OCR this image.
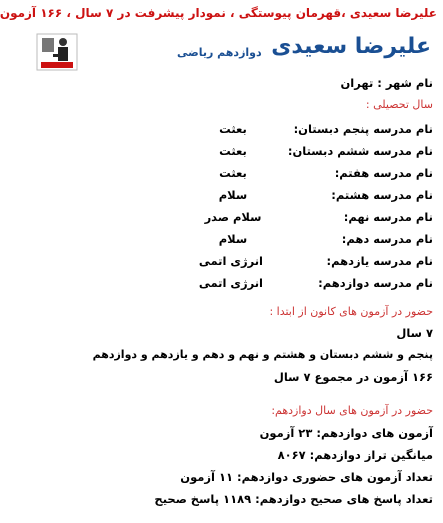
علیرضا سعیدی ،قهرمان پیوستگی ، نمودار پیشرفت در ۷ سال ، ۱۶۶ آزمون
علیرضا سعیدی
دوازدهم ریاضی
نام شهر : تهران
سال تحصیلی :
نام مدرسه پنجم دبستان:
بعثت
نام مدرسه ششم دبستان:
بعثت
نام مدرسه هفتم:
بعثت
نام مدرسه هشتم:
سلام
نام مدرسه نهم:
سلام صدر
نام مدرسه دهم:
سلام
نام مدرسه یازدهم:
انرژی اتمی
نام مدرسه دوازدهم:
انرژی اتمی
حضور در آزمون های کانون از ابتدا :
۷ سال
پنجم و ششم دبستان و هشتم و نهم و دهم و یازدهم و دوازدهم
۱۶۶ آزمون در مجموع ۷ سال
حضور در آزمون های سال دوازدهم:
آزمون های دوازدهم: ۲۳ آزمون
میانگین تراز دوازدهم: ۸۰۶۷
تعداد آزمون های حضوری دوازدهم: ۱۱ آزمون
تعداد پاسخ های صحیح دوازدهم: ۱۱۸۹ پاسخ صحیح
